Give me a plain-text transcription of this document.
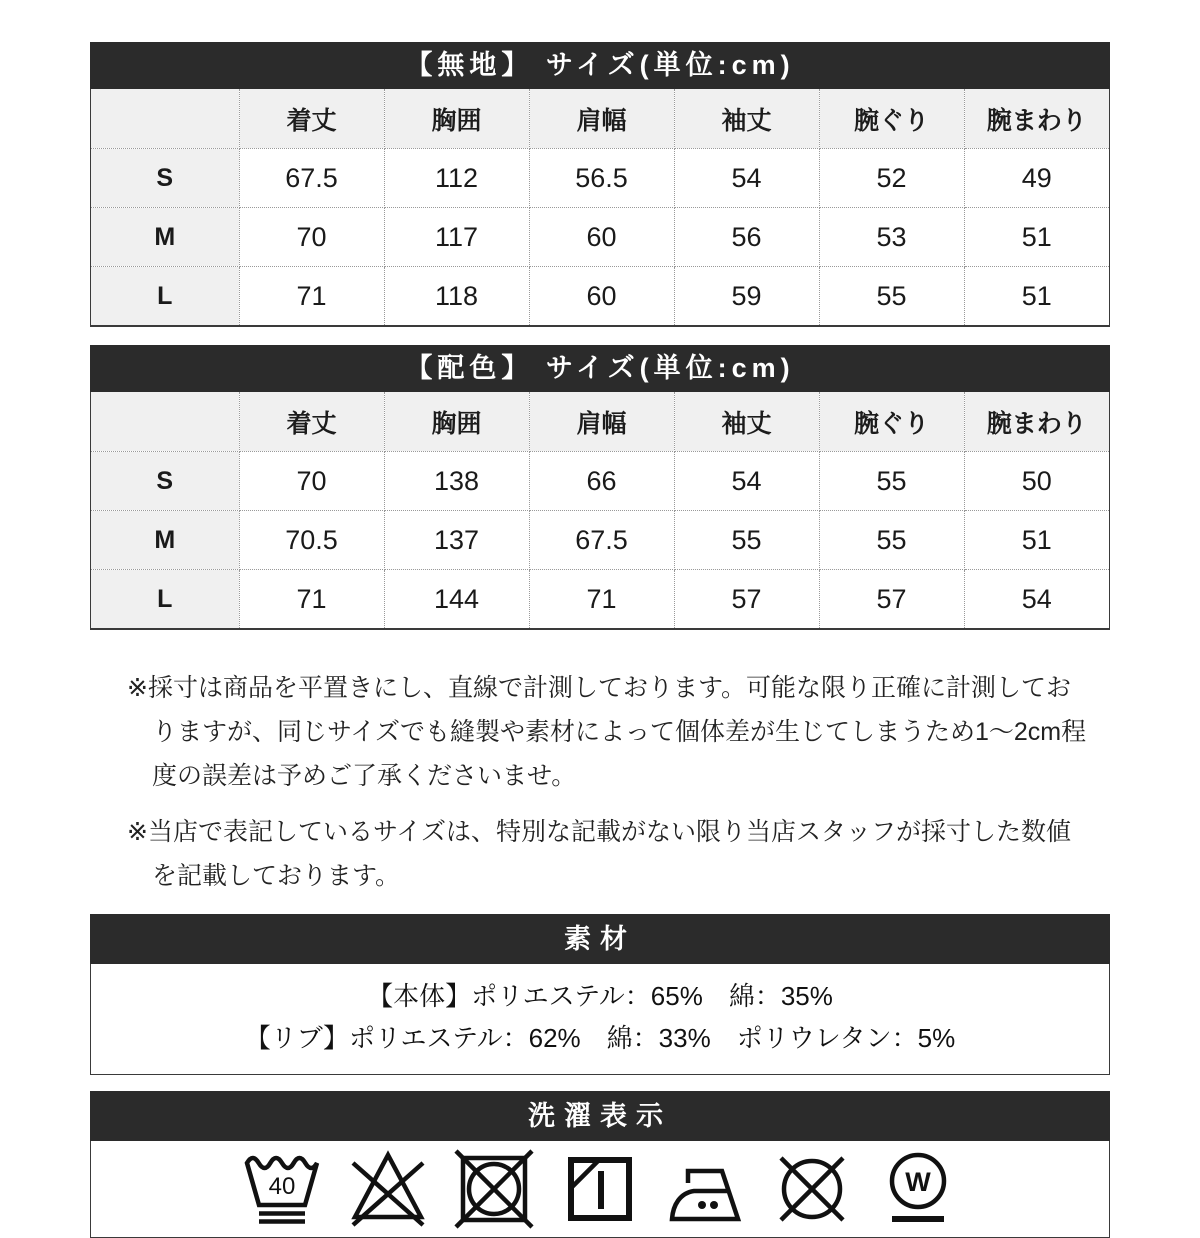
【無地】 サイズ(単位:cm)
	着丈	胸囲	肩幅	袖丈	腕ぐり	腕まわり
S	67.5	112	56.5	54	52	49
M	70	117	60	56	53	51
L	71	118	60	59	55	51
【配色】 サイズ(単位:cm)
	着丈	胸囲	肩幅	袖丈	腕ぐり	腕まわり
S	70	138	66	54	55	50
M	70.5	137	67.5	55	55	51
L	71	144	71	57	57	54

※採寸は商品を平置きにし、直線で計測しております。可能な限り正確に計測しておりますが、同じサイズでも縫製や素材によって個体差が生じてしまうため1〜2cm程度の誤差は予めご了承くださいませ。

※当店で表記しているサイズは、特別な記載がない限り当店スタッフが採寸した数値を記載しております。

素材

【本体】ポリエステル：65%　綿：35%

【リブ】ポリエステル：62%　綿：33%　ポリウレタン：5%

洗濯表示
40	W
